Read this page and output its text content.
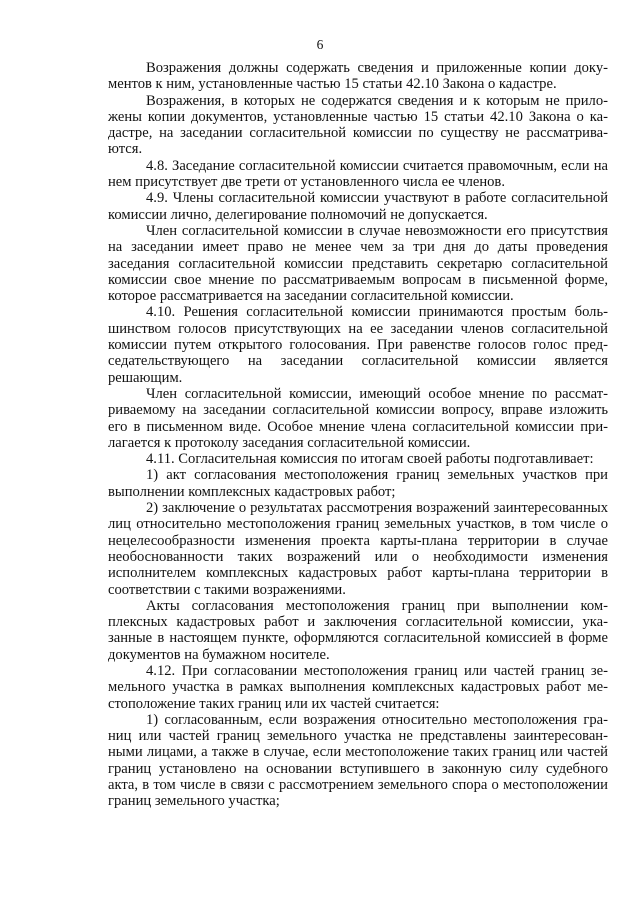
6

Возражения должны содержать сведения и приложенные копии документов к ним, установленные частью 15 статьи 42.10 Закона о кадастре.

Возражения, в которых не содержатся сведения и к которым не приложены копии документов, установленные частью 15 статьи 42.10 Закона о кадастре, на заседании согласительной комиссии по существу не рассматриваются.

4.8. Заседание согласительной комиссии считается правомочным, если на нем присутствует две трети от установленного числа ее членов.

4.9. Члены согласительной комиссии участвуют в работе согласительной комиссии лично, делегирование полномочий не допускается.

Член согласительной комиссии в случае невозможности его присутствия на заседании имеет право не менее чем за три дня до даты проведения заседания согласительной комиссии представить секретарю согласительной комиссии свое мнение по рассматриваемым вопросам в письменной форме, которое рассматривается на заседании согласительной комиссии.

4.10. Решения согласительной комиссии принимаются простым большинством голосов присутствующих на ее заседании членов согласительной комиссии путем открытого голосования. При равенстве голосов голос председательствующего на заседании согласительной комиссии является решающим.

Член согласительной комиссии, имеющий особое мнение по рассматриваемому на заседании согласительной комиссии вопросу, вправе изложить его в письменном виде. Особое мнение члена согласительной комиссии прилагается к протоколу заседания согласительной комиссии.

4.11. Согласительная комиссия по итогам своей работы подготавливает:

1) акт согласования местоположения границ земельных участков при выполнении комплексных кадастровых работ;

2) заключение о результатах рассмотрения возражений заинтересованных лиц относительно местоположения границ земельных участков, в том числе о нецелесообразности изменения проекта карты-плана территории в случае необоснованности таких возражений или о необходимости изменения исполнителем комплексных кадастровых работ карты-плана территории в соответствии с такими возражениями.

Акты согласования местоположения границ при выполнении комплексных кадастровых работ и заключения согласительной комиссии, указанные в настоящем пункте, оформляются согласительной комиссией в форме документов на бумажном носителе.

4.12. При согласовании местоположения границ или частей границ земельного участка в рамках выполнения комплексных кадастровых работ местоположение таких границ или их частей считается:

1) согласованным, если возражения относительно местоположения границ или частей границ земельного участка не представлены заинтересованными лицами, а также в случае, если местоположение таких границ или частей границ установлено на основании вступившего в законную силу судебного акта, в том числе в связи с рассмотрением земельного спора о местоположении границ земельного участка;
